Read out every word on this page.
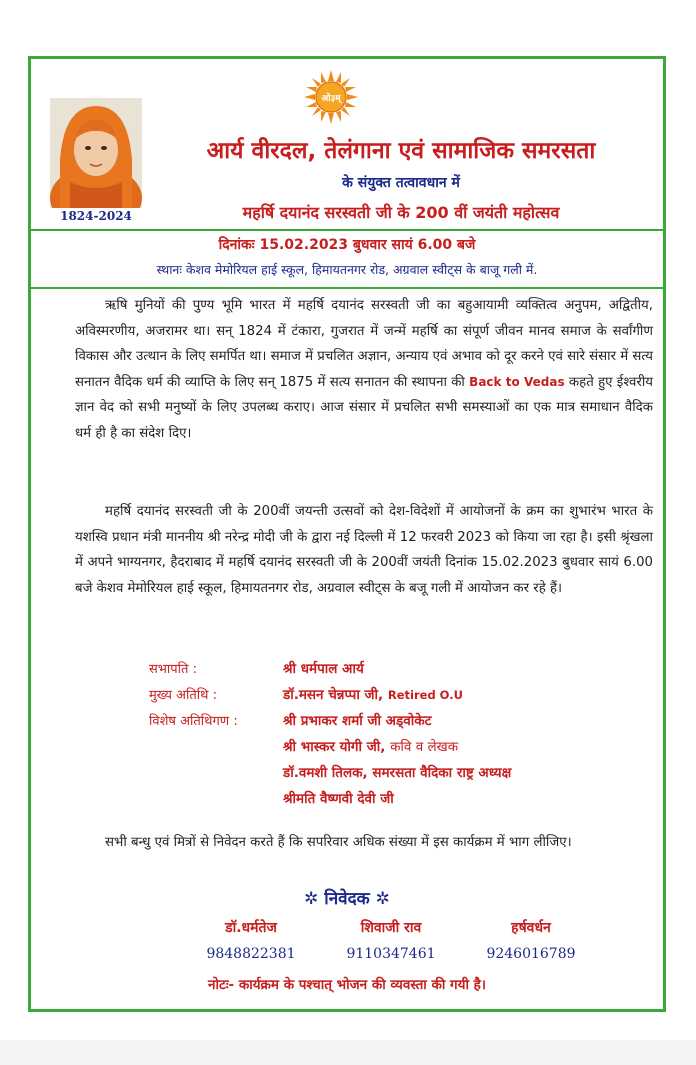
1824-2024
ओ३म्
आर्य वीरदल, तेलंगाना एवं सामाजिक समरसता
के संयुक्त तत्वावधान में
महर्षि दयानंद सरस्वती जी के 200 वीं जयंती महोत्सव
दिनांकः 15.02.2023 बुधवार सायं 6.00 बजे
स्थानः केशव मेमोरियल हाई स्कूल, हिमायतनगर रोड, अग्रवाल स्वीट्स के बाजू गली में.
ऋषि मुनियों की पुण्य भूमि भारत में महर्षि दयानंद सरस्वती जी का बहुआयामी व्यक्तित्व अनुपम, अद्वितीय, अविस्मरणीय, अजरामर था। सन् 1824 में टंकारा, गुजरात में जन्में महर्षि का संपूर्ण जीवन मानव समाज के सर्वांगीण विकास और उत्थान के लिए समर्पित था। समाज में प्रचलित अज्ञान, अन्याय एवं अभाव को दूर करने एवं सारे संसार में सत्य सनातन वैदिक धर्म की व्याप्ति के लिए सन् 1875 में सत्य सनातन की स्थापना की Back to Vedas कहते हुए ईश्वरीय ज्ञान वेद को सभी मनुष्यों के लिए उपलब्ध कराए। आज संसार में प्रचलित सभी समस्याओं का एक मात्र समाधान वैदिक धर्म ही है का संदेश दिए।
महर्षि दयानंद सरस्वती जी के 200वीं जयन्ती उत्सवों को देश-विदेशों में आयोजनों के क्रम का शुभारंभ भारत के यशस्वि प्रधान मंत्री माननीय श्री नरेन्द्र मोदी जी के द्वारा नई दिल्ली में 12 फरवरी 2023 को किया जा रहा है। इसी श्रृंखला में अपने भाग्यनगर, हैदराबाद में महर्षि दयानंद सरस्वती जी के 200वीं जयंती दिनांक 15.02.2023 बुधवार सायं 6.00 बजे केशव मेमोरियल हाई स्कूल, हिमायतनगर रोड, अग्रवाल स्वीट्स के बजू गली में आयोजन कर रहे हैं।
सभापति :	श्री धर्मपाल आर्य
मुख्य अतिथि :	डॉ.मसन चेन्नप्पा जी, Retired O.U
विशेष अतिथिगण :	श्री प्रभाकर शर्मा जी अड्वोकेट
श्री भास्कर योगी जी, कवि व लेखक
डॉ.वमशी तिलक, समरसता वैदिका राष्ट्र अध्यक्ष
श्रीमति वैष्णवी देवी जी
सभी बन्धु एवं मित्रों से निवेदन करते हैं कि सपरिवार अधिक संख्या में इस कार्यक्रम में भाग लीजिए।
✲ निवेदक ✲
डॉ.धर्मतेज
9848822381
शिवाजी राव
9110347461
हर्षवर्धन
9246016789
नोटः- कार्यक्रम के पश्चात् भोजन की व्यवस्ता की गयी है।
